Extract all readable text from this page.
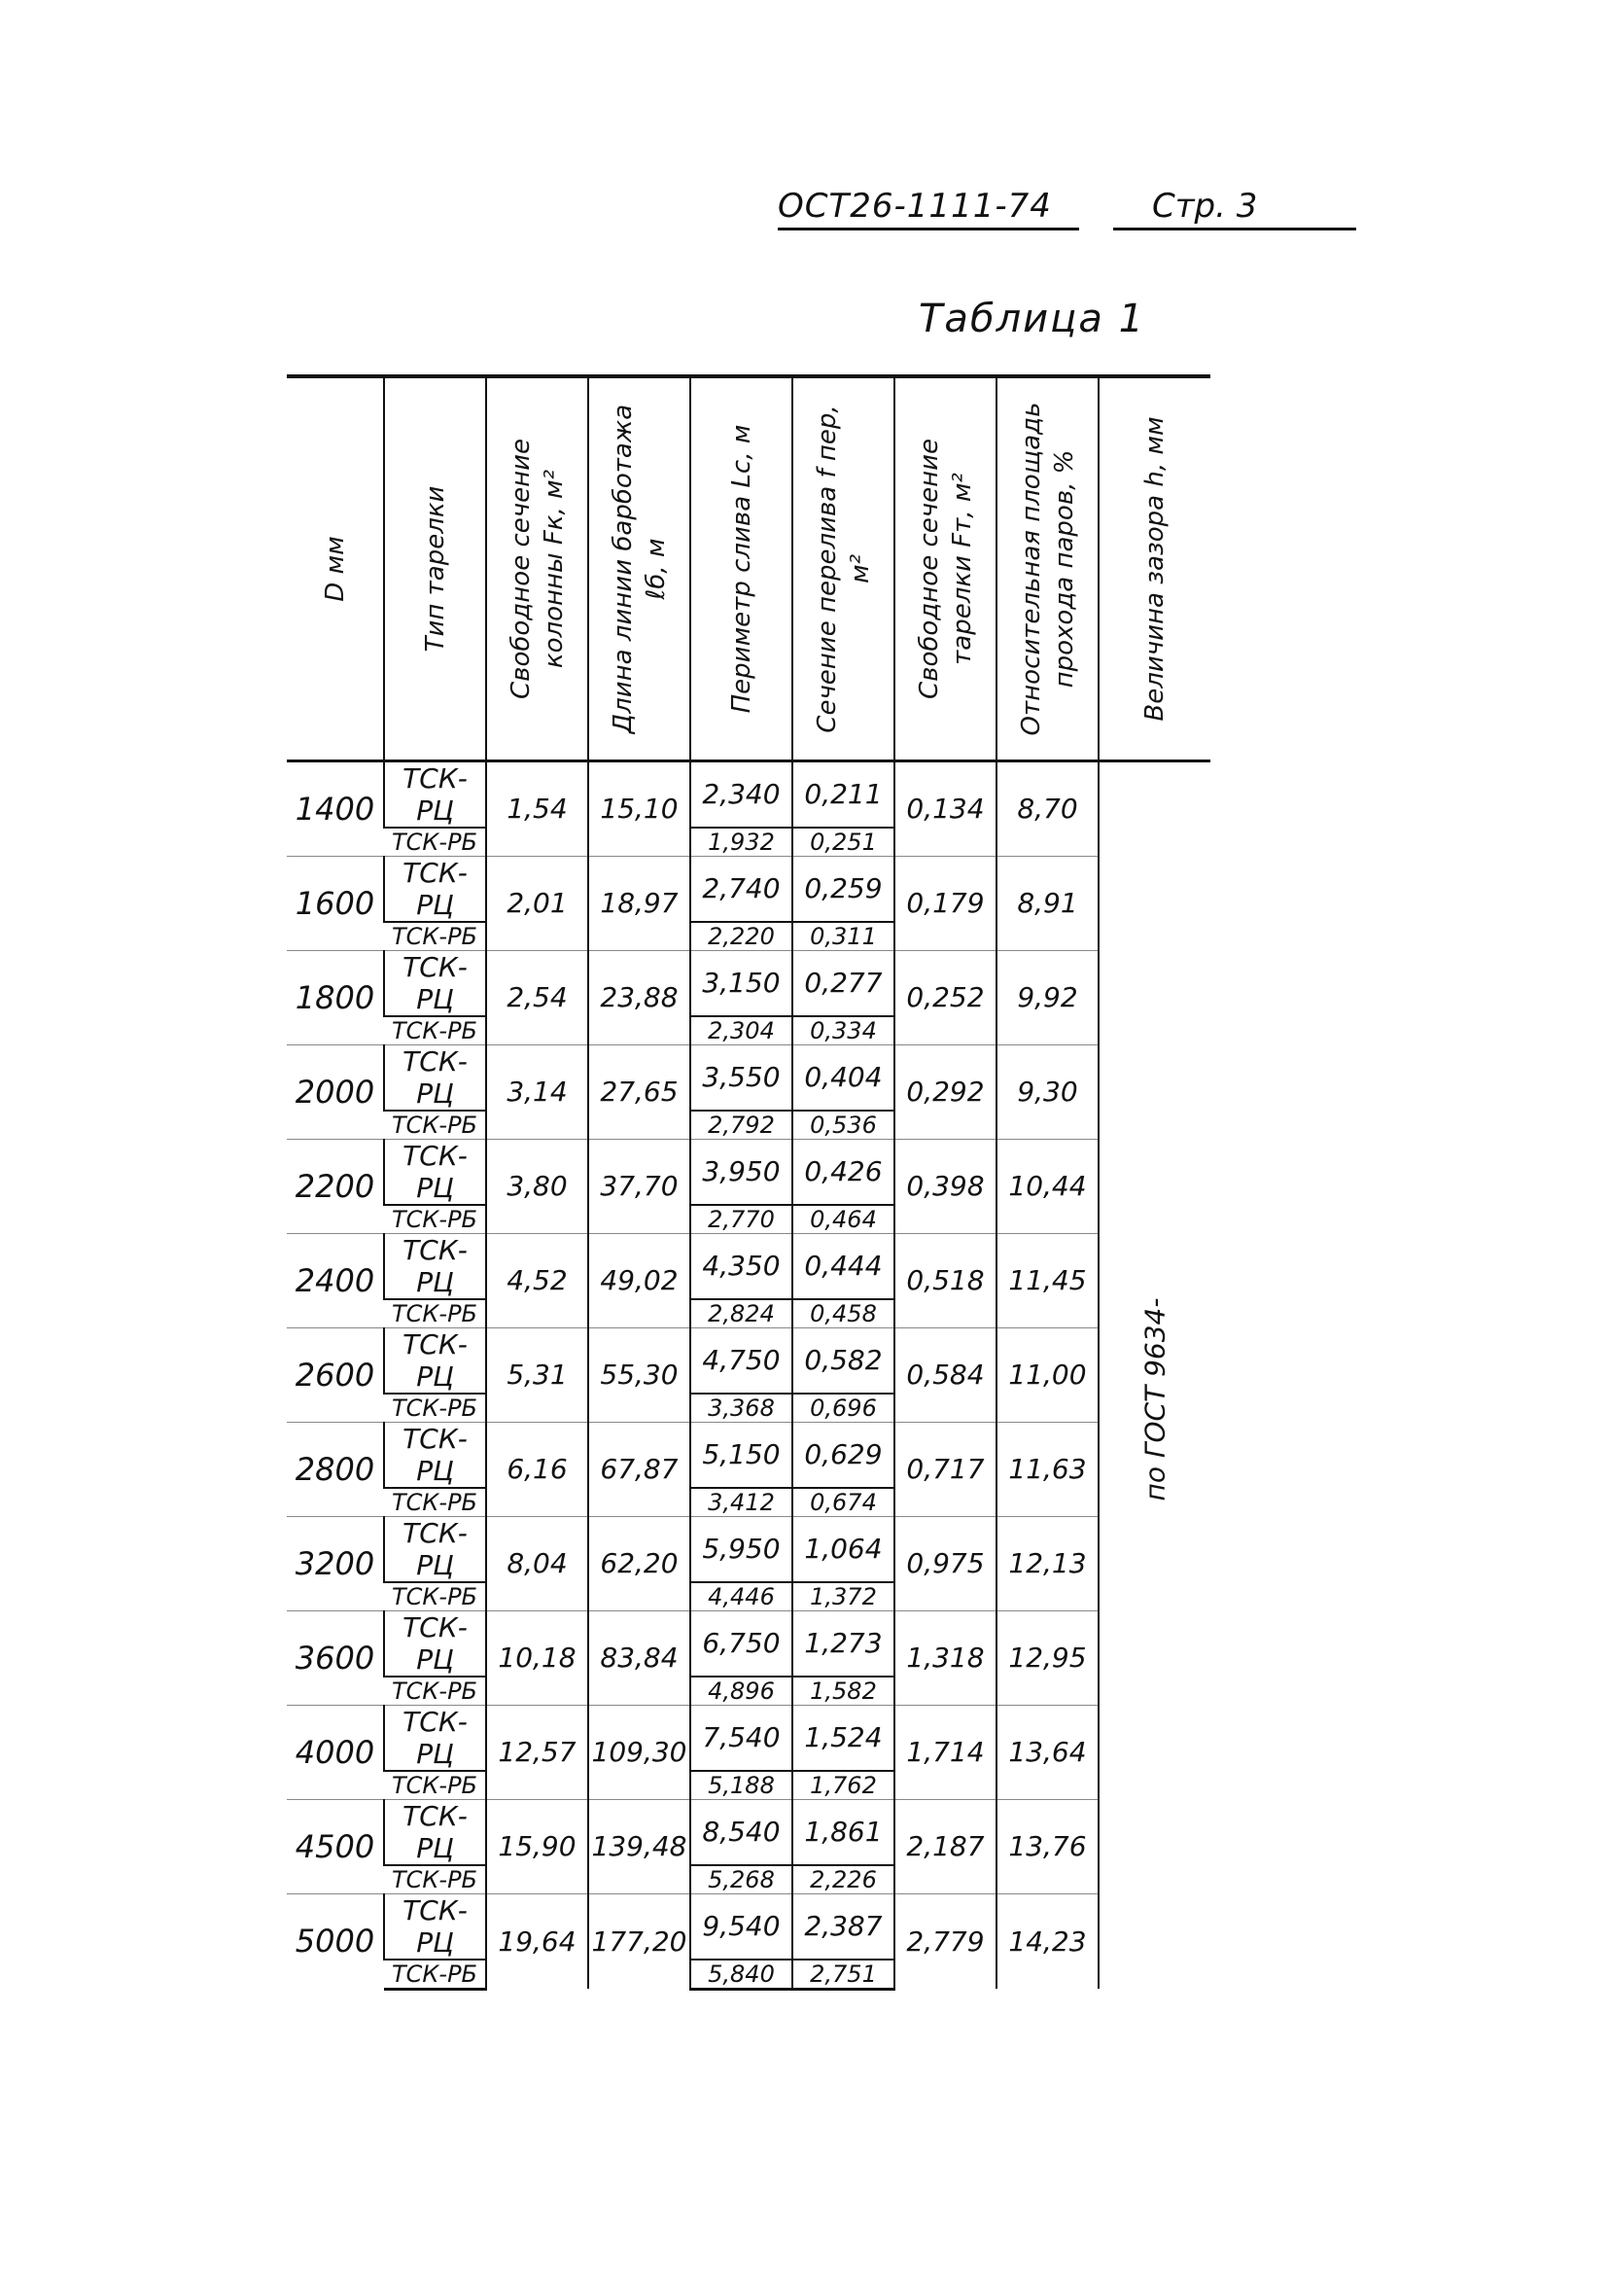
ОСТ26-1111-74	Стр. 3
Таблица 1
D мм	Тип тарелки	Свободное сечение колонны Fк, м²	Длина линии барботажа ℓб, м	Периметр слива Lс, м	Сечение перелива f пер, м²	Свободное сечение тарелки Fт, м²	Относительная площадь прохода паров, %	Величина зазора h, мм

1400	ТСК-РЦ	1,54	15,10	2,340	0,211	0,134	8,70	по ГОСТ 9634-

	ТСК-РБ			1,932	0,251			
1600	ТСК-РЦ	2,01	18,97	2,740	0,259	0,179	8,91	
	ТСК-РБ			2,220	0,311			
1800	ТСК-РЦ	2,54	23,88	3,150	0,277	0,252	9,92	
	ТСК-РБ			2,304	0,334			
2000	ТСК-РЦ	3,14	27,65	3,550	0,404	0,292	9,30	
	ТСК-РБ			2,792	0,536			
2200	ТСК-РЦ	3,80	37,70	3,950	0,426	0,398	10,44	
	ТСК-РБ			2,770	0,464			
2400	ТСК-РЦ	4,52	49,02	4,350	0,444	0,518	11,45	
	ТСК-РБ			2,824	0,458			
2600	ТСК-РЦ	5,31	55,30	4,750	0,582	0,584	11,00	
	ТСК-РБ			3,368	0,696			
2800	ТСК-РЦ	6,16	67,87	5,150	0,629	0,717	11,63	
	ТСК-РБ			3,412	0,674			
3200	ТСК-РЦ	8,04	62,20	5,950	1,064	0,975	12,13	
	ТСК-РБ			4,446	1,372			
3600	ТСК-РЦ	10,18	83,84	6,750	1,273	1,318	12,95	
	ТСК-РБ			4,896	1,582			
4000	ТСК-РЦ	12,57	109,30	7,540	1,524	1,714	13,64	
	ТСК-РБ			5,188	1,762			
4500	ТСК-РЦ	15,90	139,48	8,540	1,861	2,187	13,76	
	ТСК-РБ			5,268	2,226			
5000	ТСК-РЦ	19,64	177,20	9,540	2,387	2,779	14,23	
	ТСК-РБ			5,840	2,751			
